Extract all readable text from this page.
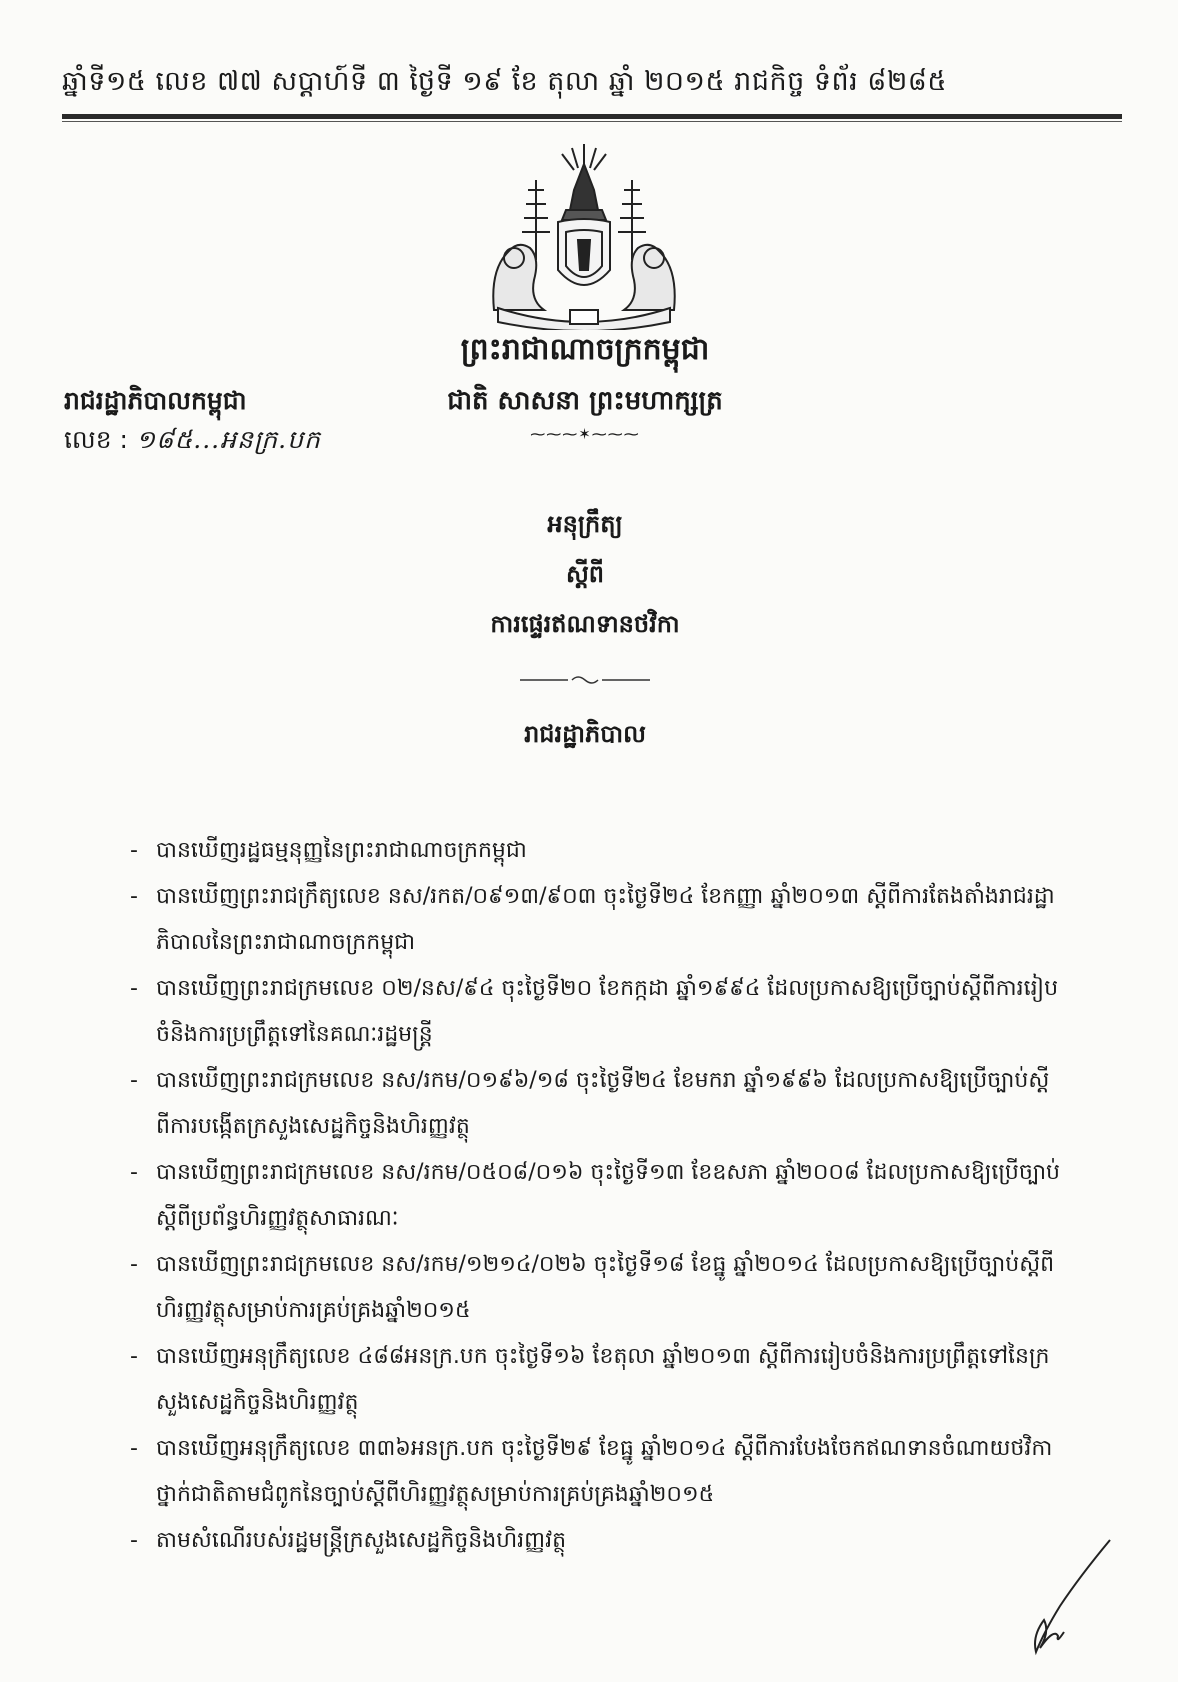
ឆ្នាំទី១៥ លេខ ៧៧ សប្ដាហ៍ទី ៣ ថ្ងៃទី ១៩ ខែ តុលា ឆ្នាំ ២០១៥ រាជកិច្ច ទំព័រ ៨២៨៥
ព្រះរាជាណាចក្រកម្ពុជា
ជាតិ សាសនា ព្រះមហាក្សត្រ
⁓⁓⁓✶⁓⁓⁓
រាជរដ្ឋាភិបាលកម្ពុជា
លេខ : ១៨៥...អនក្រ.បក
អនុក្រឹត្យ
ស្ដីពី
ការផ្ទេរឥណទានថវិកា
រាជរដ្ឋាភិបាល
- បានឃើញរដ្ឋធម្មនុញ្ញនៃព្រះរាជាណាចក្រកម្ពុជា
- បានឃើញព្រះរាជក្រឹត្យលេខ នស/រកត/០៩១៣/៩០៣ ចុះថ្ងៃទី២៤ ខែកញ្ញា ឆ្នាំ២០១៣ ស្ដីពីការតែងតាំងរាជរដ្ឋាភិបាលនៃព្រះរាជាណាចក្រកម្ពុជា
- បានឃើញព្រះរាជក្រមលេខ ០២/នស/៩៤ ចុះថ្ងៃទី២០ ខែកក្កដា ឆ្នាំ១៩៩៤ ដែលប្រកាសឱ្យប្រើច្បាប់ស្ដីពីការរៀបចំនិងការប្រព្រឹត្តទៅនៃគណៈរដ្ឋមន្ត្រី
- បានឃើញព្រះរាជក្រមលេខ នស/រកម/០១៩៦/១៨ ចុះថ្ងៃទី២៤ ខែមករា ឆ្នាំ១៩៩៦ ដែលប្រកាសឱ្យប្រើច្បាប់ស្ដីពីការបង្កើតក្រសួងសេដ្ឋកិច្ចនិងហិរញ្ញវត្ថុ
- បានឃើញព្រះរាជក្រមលេខ នស/រកម/០៥០៨/០១៦ ចុះថ្ងៃទី១៣ ខែឧសភា ឆ្នាំ២០០៨ ដែលប្រកាសឱ្យប្រើច្បាប់ស្ដីពីប្រព័ន្ធហិរញ្ញវត្ថុសាធារណៈ
- បានឃើញព្រះរាជក្រមលេខ នស/រកម/១២១៤/០២៦ ចុះថ្ងៃទី១៨ ខែធ្នូ ឆ្នាំ២០១៤ ដែលប្រកាសឱ្យប្រើច្បាប់ស្ដីពីហិរញ្ញវត្ថុសម្រាប់ការគ្រប់គ្រងឆ្នាំ២០១៥
- បានឃើញអនុក្រឹត្យលេខ ៤៨៨អនក្រ.បក ចុះថ្ងៃទី១៦ ខែតុលា ឆ្នាំ២០១៣ ស្ដីពីការរៀបចំនិងការប្រព្រឹត្តទៅនៃក្រសួងសេដ្ឋកិច្ចនិងហិរញ្ញវត្ថុ
- បានឃើញអនុក្រឹត្យលេខ ៣៣៦អនក្រ.បក ចុះថ្ងៃទី២៩ ខែធ្នូ ឆ្នាំ២០១៤ ស្ដីពីការបែងចែកឥណទានចំណាយថវិកាថ្នាក់ជាតិតាមជំពូកនៃច្បាប់ស្ដីពីហិរញ្ញវត្ថុសម្រាប់ការគ្រប់គ្រងឆ្នាំ២០១៥
- តាមសំណើរបស់រដ្ឋមន្ត្រីក្រសួងសេដ្ឋកិច្ចនិងហិរញ្ញវត្ថុ
